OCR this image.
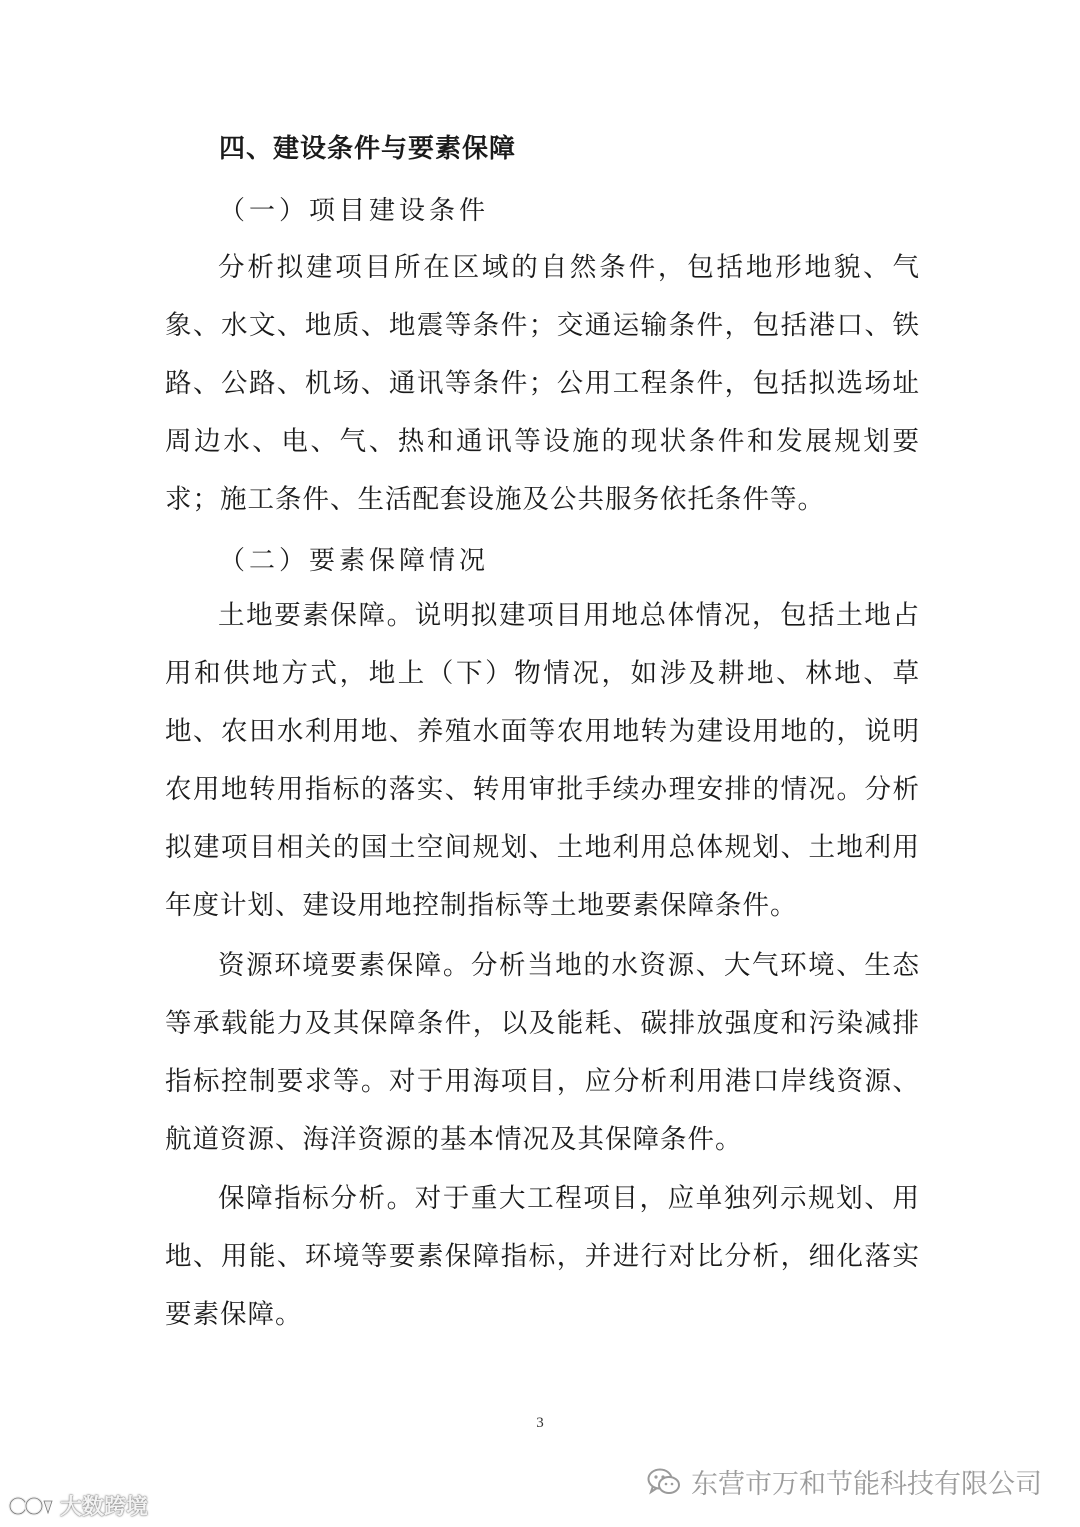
四、建设条件与要素保障
（一）项目建设条件

分析拟建项目所在区域的自然条件，包括地形地貌、气象、水文、地质、地震等条件；交通运输条件，包括港口、铁路、公路、机场、通讯等条件；公用工程条件，包括拟选场址周边水、电、气、热和通讯等设施的现状条件和发展规划要求；施工条件、生活配套设施及公共服务依托条件等。

（二）要素保障情况

土地要素保障。说明拟建项目用地总体情况，包括土地占用和供地方式，地上（下）物情况，如涉及耕地、林地、草地、农田水利用地、养殖水面等农用地转为建设用地的，说明农用地转用指标的落实、转用审批手续办理安排的情况。分析拟建项目相关的国土空间规划、土地利用总体规划、土地利用年度计划、建设用地控制指标等土地要素保障条件。

资源环境要素保障。分析当地的水资源、大气环境、生态等承载能力及其保障条件，以及能耗、碳排放强度和污染减排指标控制要求等。对于用海项目，应分析利用港口岸线资源、航道资源、海洋资源的基本情况及其保障条件。

保障指标分析。对于重大工程项目，应单独列示规划、用地、用能、环境等要素保障指标，并进行对比分析，细化落实要素保障。

3
东营市万和节能科技有限公司
大数跨境
